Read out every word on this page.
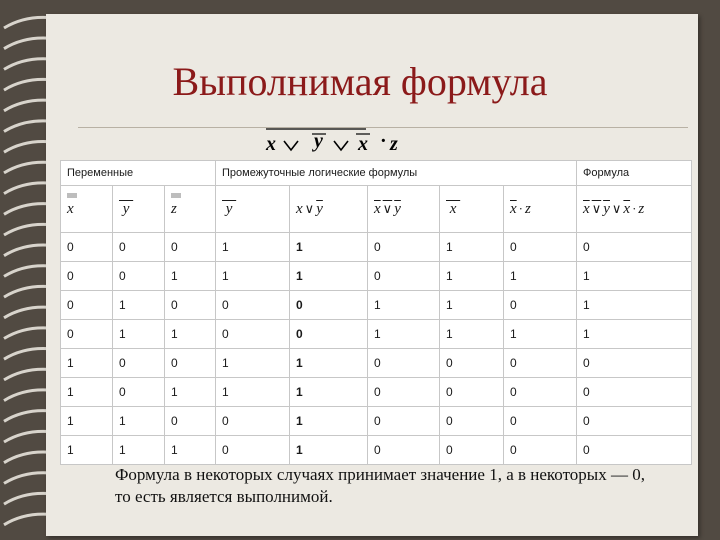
Выполнимая формула
x y x · z
Переменные			Промежуточные логические формулы					Формула

x	y	z	y	x ∨ $\overline{y}$	x ∨ y	x	$\overline{x} \cdot z$	x ∨ y ∨ $\overline{x} \cdot z$
0	0	0	1	1	0	1	0	0
0	0	1	1	1	0	1	1	1
0	1	0	0	0	1	1	0	1
0	1	1	0	0	1	1	1	1
1	0	0	1	1	0	0	0	0
1	0	1	1	1	0	0	0	0
1	1	0	0	1	0	0	0	0
1	1	1	0	1	0	0	0	0

Формула в некоторых случаях принимает значение 1, а в некоторых — 0, то есть является выполнимой.
